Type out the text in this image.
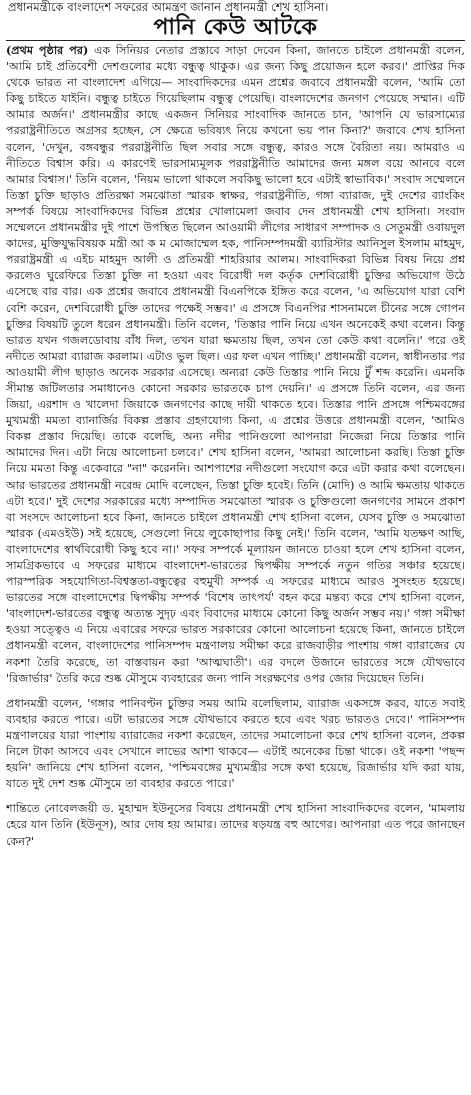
প্রধানমন্ত্রীকে বাংলাদেশ সফরের আমন্ত্রণ জানান প্রধানমন্ত্রী শেখ হাসিনা।
পানি কেউ আটকে

(প্রথম পৃষ্ঠার পর) এক সিনিয়র নেতার প্রস্তাবে সাড়া দেবেন কিনা, জানতে চাইলে প্রধানমন্ত্রী বলেন, 'আমি চাই প্রতিবেশী দেশগুলোর মধ্যে বন্ধুত্ব থাকুক। এর জন্য কিছু প্রয়োজন হলে করব।' প্রাপ্তির দিক থেকে ভারত না বাংলাদেশ এগিয়ে— সাংবাদিকদের এমন প্রশ্নের জবাবে প্রধানমন্ত্রী বলেন, 'আমি তো কিছু চাইতে যাইনি। বন্ধুত্ব চাইতে গিয়েছিলাম বন্ধুত্ব পেয়েছি। বাংলাদেশের জনগণ পেয়েছে সম্মান। এটি আমার অর্জন।' প্রধানমন্ত্রীর কাছে একজন সিনিয়র সাংবাদিক জানতে চান, 'আপনি যে ভারসাম্যের পররাষ্ট্রনীতিতে অগ্রসর হচ্ছেন, সে ক্ষেত্রে ভবিষ্যৎ নিয়ে কখনো ভয় পান কিনা?' জবাবে শেখ হাসিনা বলেন, 'দেখুন, বঙ্গবন্ধুর পররাষ্ট্রনীতি ছিল সবার সঙ্গে বন্ধুত্ব, কারও সঙ্গে বৈরিতা নয়। আমরাও এ নীতিতে বিশ্বাস করি। এ কারণেই ভারসাম্যমূলক পররাষ্ট্রনীতি আমাদের জন্য মঙ্গল বয়ে আনবে বলে আমার বিশ্বাস।' তিনি বলেন, 'নিয়ম ভালো থাকলে সবকিছু ভালো হবে এটাই স্বাভাবিক।' সংবাদ সম্মেলনে তিস্তা চুক্তি ছাড়াও প্রতিরক্ষা সমঝোতা স্মারক স্বাক্ষর, পররাষ্ট্রনীতি, গঙ্গা ব্যারাজ, দুই দেশের ব্যাংকিং সম্পর্ক বিষয়ে সাংবাদিকদের বিভিন্ন প্রশ্নের খোলামেলা জবাব দেন প্রধানমন্ত্রী শেখ হাসিনা। সংবাদ সম্মেলনে প্রধানমন্ত্রীর দুই পাশে উপস্থিত ছিলেন আওয়ামী লীগের সাধারণ সম্পাদক ও সেতুমন্ত্রী ওবায়দুল কাদের, মুক্তিযুদ্ধবিষয়ক মন্ত্রী আ ক ম মোজাম্মেল হক, পানিসম্পদমন্ত্রী ব্যারিস্টার আনিসুল ইসলাম মাহমুদ, পররাষ্ট্রমন্ত্রী এ এইচ মাহমুদ আলী ও প্রতিমন্ত্রী শাহরিয়ার আলম। সাংবাদিকরা বিভিন্ন বিষয় নিয়ে প্রশ্ন করলেও ঘুরেফিরে তিস্তা চুক্তি না হওয়া এবং বিরোধী দল কর্তৃক দেশবিরোধী চুক্তির অভিযোগ উঠে এসেছে বার বার। এক প্রশ্নের জবাবে প্রধানমন্ত্রী বিএনপিকে ইঙ্গিত করে বলেন, 'এ অভিযোগ যারা বেশি বেশি করেন, দেশবিরোধী চুক্তি তাদের পক্ষেই সম্ভব।' এ প্রসঙ্গে বিএনপির শাসনামলে চীনের সঙ্গে গোপন চুক্তির বিষয়টি তুলে ধরেন প্রধানমন্ত্রী। তিনি বলেন, 'তিস্তার পানি নিয়ে এখন অনেকেই কথা বলেন। কিন্তু ভারত যখন গজলডোবায় বাঁধ দিল, তখন যারা ক্ষমতায় ছিল, তখন তো কেউ কথা বলেনি।' পরে ওই নদীতে আমরা ব্যারাজ করলাম। এটাও ভুল ছিল। এর ফল এখন পাচ্ছি।' প্রধানমন্ত্রী বলেন, স্বাধীনতার পর আওয়ামী লীগ ছাড়াও অনেক সরকার এসেছে। অন্যরা কেউ তিস্তার পানি নিয়ে টুঁ শব্দ করেনি। এমনকি সীমান্ত জটিলতার সমাধানেও কোনো সরকার ভারতকে চাপ দেয়নি।' এ প্রসঙ্গে তিনি বলেন, এর জন্য জিয়া, এরশাদ ও খালেদা জিয়াকে জনগণের কাছে দায়ী থাকতে হবে। তিস্তার পানি প্রসঙ্গে পশ্চিমবঙ্গের মুখ্যমন্ত্রী মমতা ব্যানার্জির বিকল্প প্রস্তাব গ্রহণযোগ্য কিনা, এ প্রশ্নের উত্তরে প্রধানমন্ত্রী বলেন, 'আমিও বিকল্প প্রস্তাব দিয়েছি। তাকে বলেছি, অন্য নদীর পানিগুলো আপনারা নিজেরা নিয়ে তিস্তার পানি আমাদের দিন। এটা নিয়ে আলোচনা চলবে।' শেখ হাসিনা বলেন, 'আমরা আলোচনা করছি। তিস্তা চুক্তি নিয়ে মমতা কিন্তু একেবারে "না" করেননি। আশপাশের নদীগুলো সংযোগ করে এটা করার কথা বলেছেন। আর ভারতের প্রধানমন্ত্রী নরেন্দ্র মোদি বলেছেন, তিস্তা চুক্তি হবেই। তিনি (মোদি) ও আমি ক্ষমতায় থাকতে এটা হবে।' দুই দেশের সরকারের মধ্যে সম্পাদিত সমঝোতা স্মারক ও চুক্তিগুলো জনগণের সামনে প্রকাশ বা সংসদে আলোচনা হবে কিনা, জানতে চাইলে প্রধানমন্ত্রী শেখ হাসিনা বলেন, যেসব চুক্তি ও সমঝোতা স্মারক (এমওইউ) সই হয়েছে, সেগুলো নিয়ে লুকোছাপার কিছু নেই।' তিনি বলেন, 'আমি যতক্ষণ আছি, বাংলাদেশের স্বার্থবিরোধী কিছু হবে না।' সফর সম্পর্কে মূল্যায়ন জানতে চাওয়া হলে শেখ হাসিনা বলেন, সামগ্রিকভাবে এ সফরের মাধ্যমে বাংলাদেশ-ভারতের দ্বিপক্ষীয় সম্পর্কে নতুন গতির সঞ্চার হয়েছে। পারস্পরিক সহযোগিতা-বিশ্বস্ততা-বন্ধুত্বের বহুমুখী সম্পর্ক এ সফরের মাধ্যমে আরও সুসংহত হয়েছে। ভারতের সঙ্গে বাংলাদেশের দ্বিপক্ষীয় সম্পর্ক 'বিশেষ তাৎপর্য' বহন করে মন্তব্য করে শেখ হাসিনা বলেন, 'বাংলাদেশ-ভারতের বন্ধুত্ব অত্যন্ত সুদৃঢ় এবং বিবাদের মাধ্যমে কোনো কিছু অর্জন সম্ভব নয়।' গঙ্গা সমীক্ষা হওয়া সত্ত্বেও এ নিয়ে এবারের সফরে ভারত সরকারের কোনো আলোচনা হয়েছে কিনা, জানতে চাইলে প্রধানমন্ত্রী বলেন, বাংলাদেশের পানিসম্পদ মন্ত্রণালয় সমীক্ষা করে রাজবাড়ীর পাংশায় গঙ্গা ব্যারাজের যে নকশা তৈরি করেছে, তা বাস্তবায়ন করা 'আত্মঘাতী'। এর বদলে উজানে ভারতের সঙ্গে যৌথভাবে 'রিজার্ভার' তৈরি করে শুষ্ক মৌসুমে ব্যবহারের জন্য পানি সংরক্ষণের ওপর জোর দিয়েছেন তিনি।

প্রধানমন্ত্রী বলেন, 'গঙ্গার পানিবণ্টন চুক্তির সময় আমি বলেছিলাম, ব্যারাজ একসঙ্গে করব, যাতে সবাই ব্যবহার করতে পারে। এটা ভারতের সঙ্গে যৌথভাবে করতে হবে এবং খরচ ভারতও দেবে।' পানিসম্পদ মন্ত্রণালয়ের যারা পাংশায় ব্যারাজের নকশা করেছেন, তাদের সমালোচনা করে শেখ হাসিনা বলেন, প্রকল্প নিলে টাকা আসবে এবং সেখানে লাভের আশা থাকবে— এটাই অনেকের চিন্তা থাকে। ওই নকশা 'পছন্দ হয়নি' জানিয়ে শেখ হাসিনা বলেন, 'পশ্চিমবঙ্গের মুখ্যমন্ত্রীর সঙ্গে কথা হয়েছে, রিজার্ভার যদি করা যায়, যাতে দুই দেশ শুষ্ক মৌসুমে তা ব্যবহার করতে পারে।'

শান্তিতে নোবেলজয়ী ড. মুহাম্মদ ইউনূসের বিষয়ে প্রধানমন্ত্রী শেখ হাসিনা সাংবাদিকদের বলেন, 'মামলায় হেরে যান তিনি (ইউনূস), আর দোষ হয় আমার। তাদের ষড়যন্ত্র বহু আগের। আপনারা এত পরে জানছেন কেন?'
